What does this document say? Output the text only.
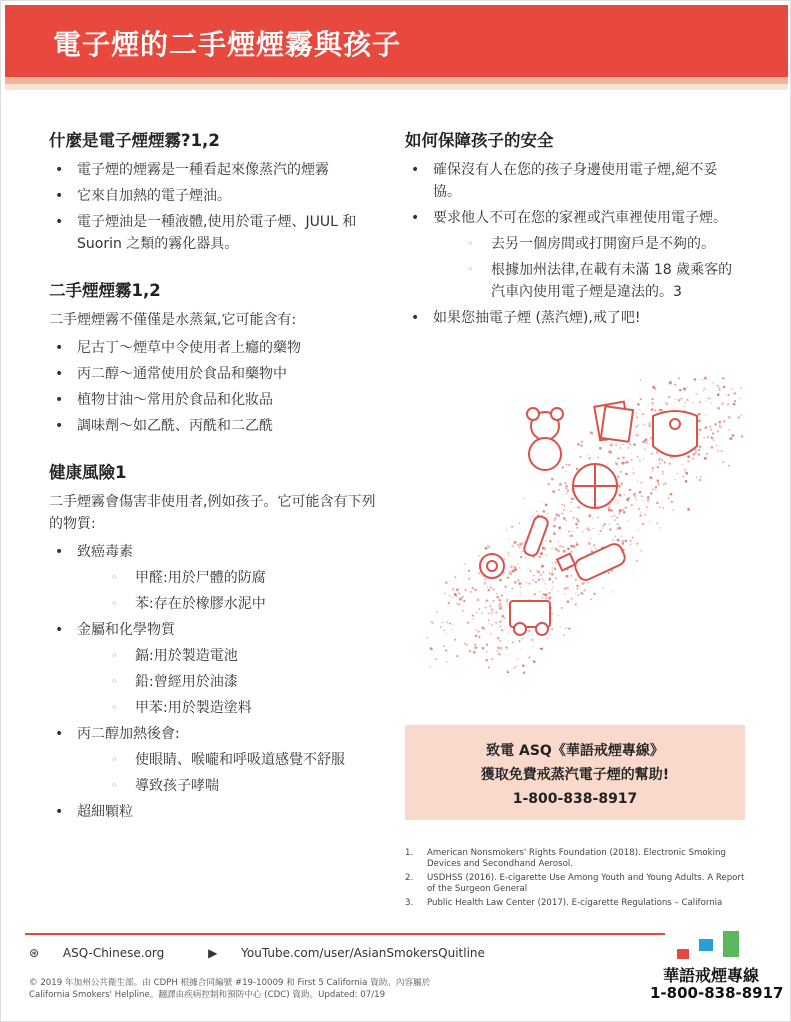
電子煙的二手煙煙霧與孩子
什麼是電子煙煙霧?1,2
• 電子煙的煙霧是一種看起來像蒸汽的煙霧
• 它來自加熱的電子煙油。
• 電子煙油是一種液體,使用於電子煙、JUUL 和 Suorin 之類的霧化器具。
二手煙煙霧1,2

二手煙煙霧不僅僅是水蒸氣,它可能含有:

• 尼古丁～煙草中令使用者上癮的藥物
• 丙二醇～通常使用於食品和藥物中
• 植物甘油～常用於食品和化妝品
• 調味劑～如乙酰、丙酰和二乙酰
健康風險1

二手煙霧會傷害非使用者,例如孩子。它可能含有下列的物質:

• 致癌毒素
◦ 甲醛:用於尸體的防腐
◦ 苯:存在於橡膠水泥中
• 金屬和化學物質
◦ 鎘:用於製造電池
◦ 鉛:曾經用於油漆
◦ 甲苯:用於製造塗料
• 丙二醇加熱後會:
◦ 使眼睛、喉嚨和呼吸道感覺不舒服
◦ 導致孩子哮喘
• 超細顆粒
如何保障孩子的安全
• 確保沒有人在您的孩子身邊使用電子煙,絕不妥協。
• 要求他人不可在您的家裡或汽車裡使用電子煙。
◦ 去另一個房間或打開窗戶是不夠的。
◦ 根據加州法律,在載有未滿 18 歲乘客的汽車內使用電子煙是違法的。3
• 如果您抽電子煙 (蒸汽煙),戒了吧!
致電 ASQ《華語戒煙專線》
獲取免費戒蒸汽電子煙的幫助!
1-800-838-8917
1. American Nonsmokers' Rights Foundation (2018). Electronic Smoking Devices and Secondhand Aerosol.
2. USDHSS (2016). E-cigarette Use Among Youth and Young Adults. A Report of the Surgeon General
3. Public Health Law Center (2017). E-cigarette Regulations – California
⊛ ASQ-Chinese.org	▶ YouTube.com/user/AsianSmokersQuitline
© 2019 年加州公共衛生部。由 CDPH 根據合同編號 #19-10009 和 First 5 California 資助。內容屬於
California Smokers' Helpline。翻譯由疾病控制和預防中心 (CDC) 資助。Updated: 07/19
華語戒煙專線
1-800-838-8917
